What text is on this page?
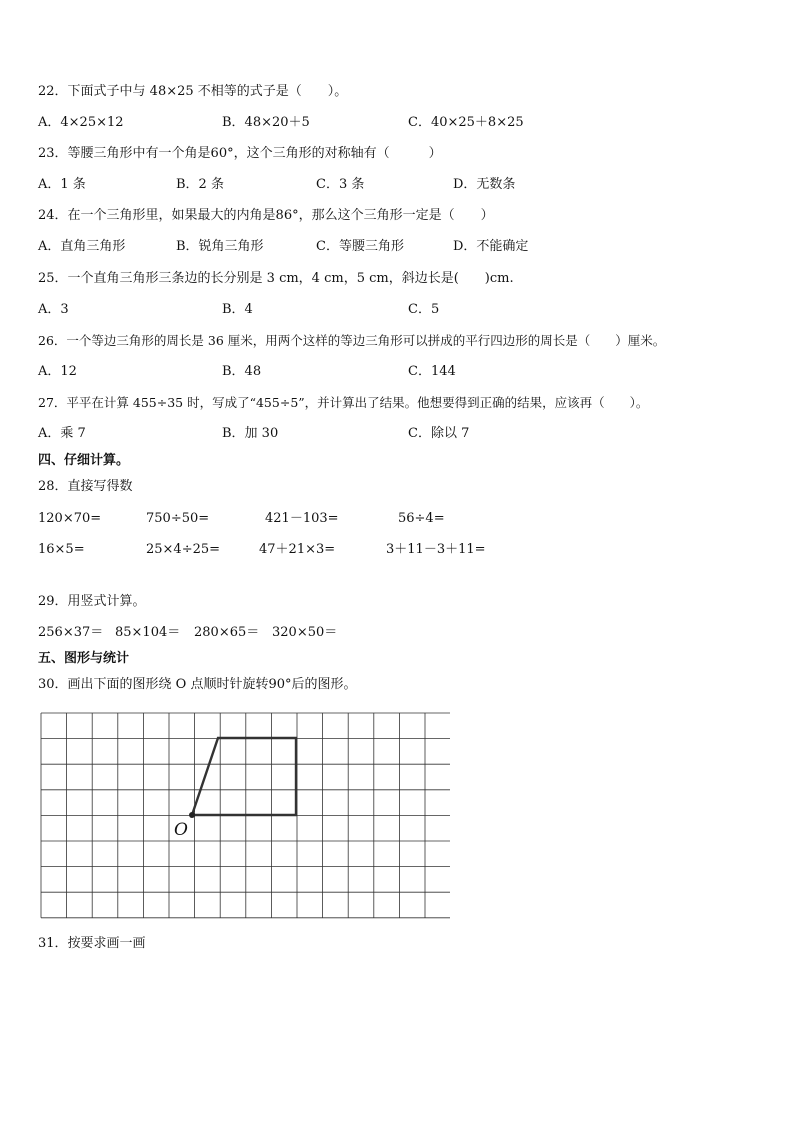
22．下面式子中与 48×25 不相等的式子是（　　）。
A．4×25×12	B．48×20＋5	C．40×25＋8×25
23．等腰三角形中有一个角是60°，这个三角形的对称轴有（　　　）
A．1 条	B．2 条	C．3 条	D．无数条
24．在一个三角形里，如果最大的内角是86°，那么这个三角形一定是（　　）
A．直角三角形	B．锐角三角形	C．等腰三角形	D．不能确定
25．一个直角三角形三条边的长分别是 3 cm，4 cm，5 cm，斜边长是(　　)cm.
A．3	B．4	C．5
26．一个等边三角形的周长是 36 厘米，用两个这样的等边三角形可以拼成的平行四边形的周长是（　　）厘米。
A．12	B．48	C．144
27．平平在计算 455÷35 时，写成了“455÷5”，并计算出了结果。他想要得到正确的结果，应该再（　　）。
A．乘 7	B．加 30	C．除以 7
四、仔细计算。
28．直接写得数
120×70=	750÷50=	421－103=	56÷4=
16×5=	25×4÷25=	47＋21×3=	3＋11－3＋11=
29．用竖式计算。
256×37＝ 85×104＝ 280×65＝ 320×50＝
五、图形与统计
30．画出下面的图形绕 O 点顺时针旋转90°后的图形。
O
31．按要求画一画
